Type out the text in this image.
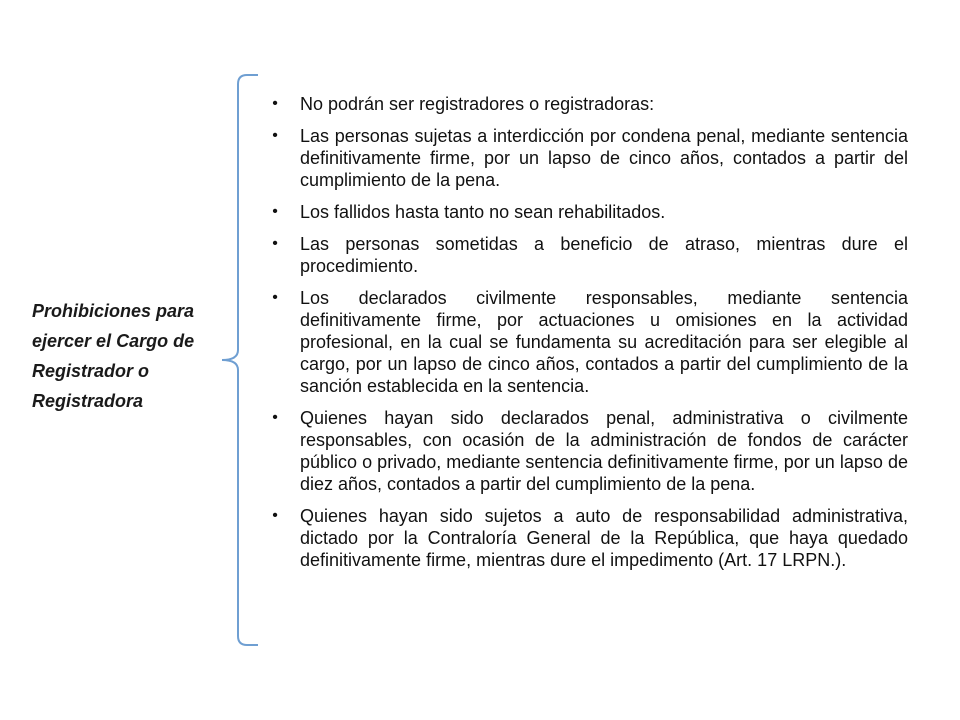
Prohibiciones para ejercer el Cargo de Registrador o Registradora
• No podrán ser registradores o registradoras:
• Las personas sujetas a interdicción por condena penal, mediante sentencia definitivamente firme, por un lapso de cinco años, contados a partir del cumplimiento de la pena.
• Los fallidos hasta tanto no sean rehabilitados.
• Las personas sometidas a beneficio de atraso, mientras dure el procedimiento.
• Los declarados civilmente responsables, mediante sentencia definitivamente firme, por actuaciones u omisiones en la actividad profesional, en la cual se fundamenta su acreditación para ser elegible al cargo, por un lapso de cinco años, contados a partir del cumplimiento de la sanción establecida en la sentencia.
• Quienes hayan sido declarados penal, administrativa o civilmente responsables, con ocasión de la administración de fondos de carácter público o privado, mediante sentencia definitivamente firme, por un lapso de diez años, contados a partir del cumplimiento de la pena.
• Quienes hayan sido sujetos a auto de responsabilidad administrativa, dictado por la Contraloría General de la República, que haya quedado definitivamente firme, mientras dure el impedimento (Art. 17 LRPN.).
